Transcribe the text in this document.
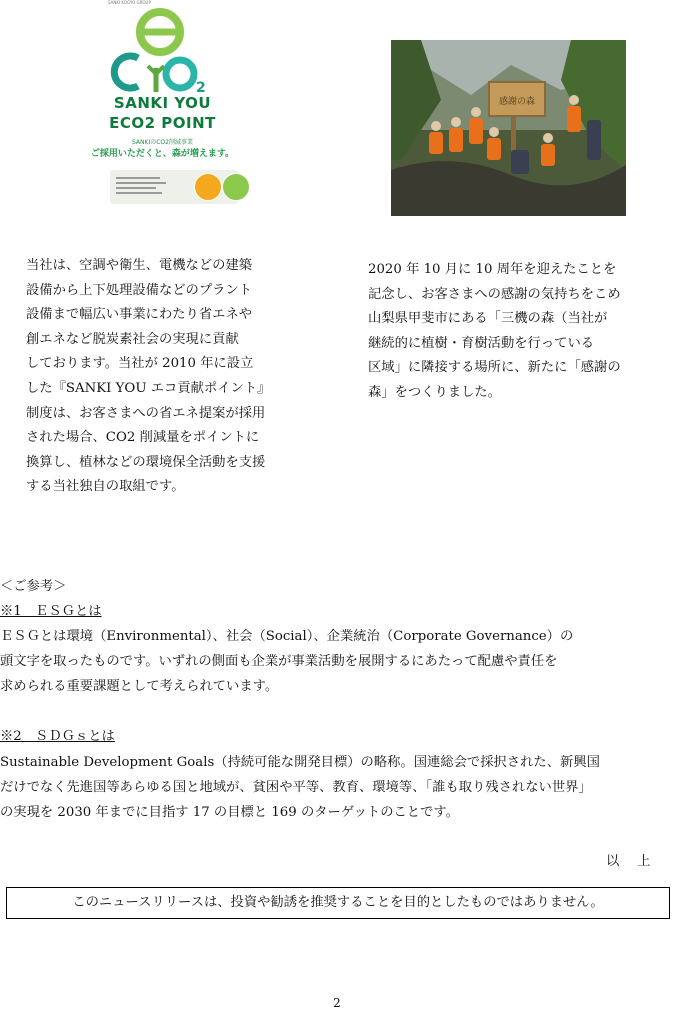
SANKI KOGYO GROUP
2
SANKI YOU
ECO2 POINT
SANKIのCO2削減事業
ご採用いただくと、森が増えます。
感謝の森
当社は、空調や衛生、電機などの建築
設備から上下処理設備などのプラント
設備まで幅広い事業にわたり省エネや
創エネなど脱炭素社会の実現に貢献
しております。当社が 2010 年に設立
した『SANKI YOU エコ貢献ポイント』
制度は、お客さまへの省エネ提案が採用
された場合、CO2 削減量をポイントに
換算し、植林などの環境保全活動を支援
する当社独自の取組です。
2020 年 10 月に 10 周年を迎えたことを
記念し、お客さまへの感謝の気持ちをこめ
山梨県甲斐市にある「三機の森（当社が
継続的に植樹・育樹活動を行っている
区域」に隣接する場所に、新たに「感謝の
森」をつくりました。
＜ご参考＞
※1　ＥＳＧとは
ＥＳＧとは環境（Environmental）、社会（Social）、企業統治（Corporate Governance）の
頭文字を取ったものです。いずれの側面も企業が事業活動を展開するにあたって配慮や責任を
求められる重要課題として考えられています。
※2　ＳＤＧｓとは
Sustainable Development Goals（持続可能な開発目標）の略称。国連総会で採択された、新興国
だけでなく先進国等あらゆる国と地域が、貧困や平等、教育、環境等、「誰も取り残されない世界」
の実現を 2030 年までに目指す 17 の目標と 169 のターゲットのことです。
以上
このニュースリリースは、投資や勧誘を推奨することを目的としたものではありません。
2
